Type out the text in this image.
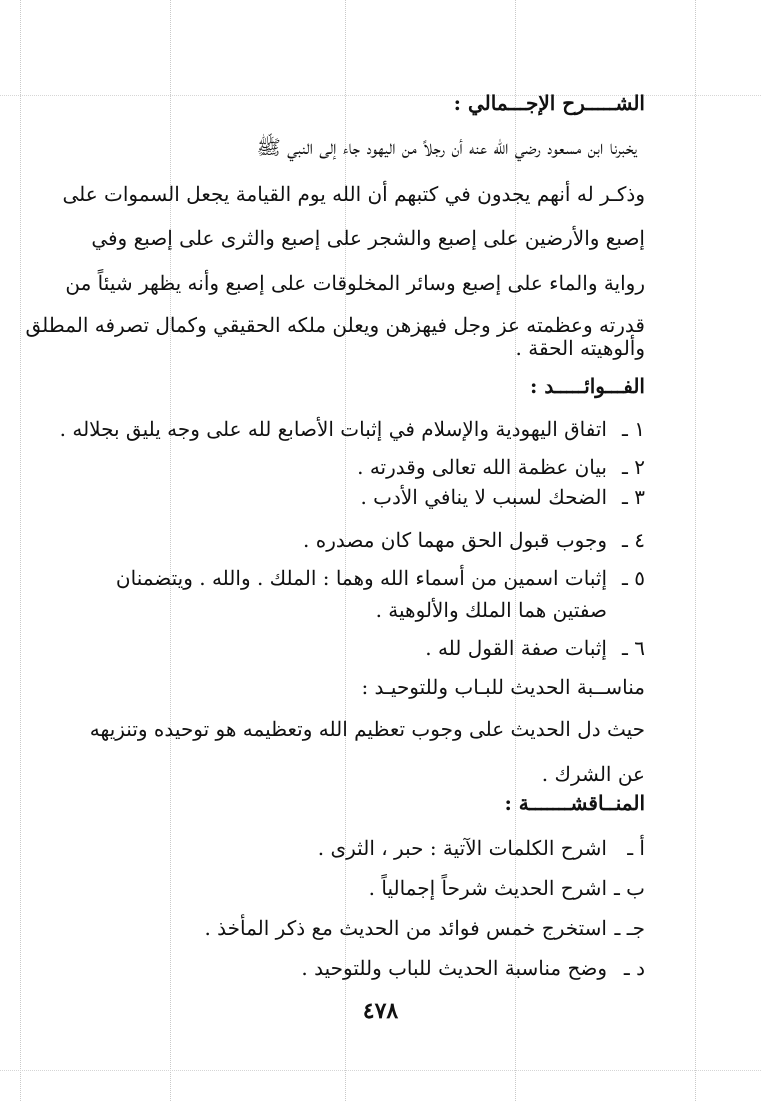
الشـــــرح الإجـــمالي :
يخبرنا ابن مسعود رضي الله عنه أن رجلاً من اليهود جاء إلى النبي ﷺ
وذكـر له أنهم يجدون في كتبهم أن الله يوم القيامة يجعل السموات على
إصبع والأرضين على إصبع والشجر على إصبع والثرى على إصبع وفي
رواية والماء على إصبع وسائر المخلوقات على إصبع وأنه يظهر شيئاً من
قدرته وعظمته عز وجل فيهزهن ويعلن ملكه الحقيقي وكمال تصرفه المطلق
وألوهيته الحقة .
الفـــوائـــــد :
١ ـاتفاق اليهودية والإسلام في إثبات الأصابع لله على وجه يليق بجلاله .
٢ ـبيان عظمة الله تعالى وقدرته .
٣ ـالضحك لسبب لا ينافي الأدب .
٤ ـوجوب قبول الحق مهما كان مصدره .
٥ ـإثبات اسمين من أسماء الله وهما : الملك . والله . ويتضمنان
صفتين هما الملك والألوهية .
٦ ـإثبات صفة القول لله .
مناســبة الحديث للبـاب وللتوحيـد :
حيث دل الحديث على وجوب تعظيم الله وتعظيمه هو توحيده وتنزيهه
عن الشرك .
المنــاقشـــــــة :
أ ـاشرح الكلمات الآتية : حبر ، الثرى .
ب ـاشرح الحديث شرحاً إجمالياً .
جـ ـاستخرج خمس فوائد من الحديث مع ذكر المأخذ .
د ـوضح مناسبة الحديث للباب وللتوحيد .
٤٧٨
